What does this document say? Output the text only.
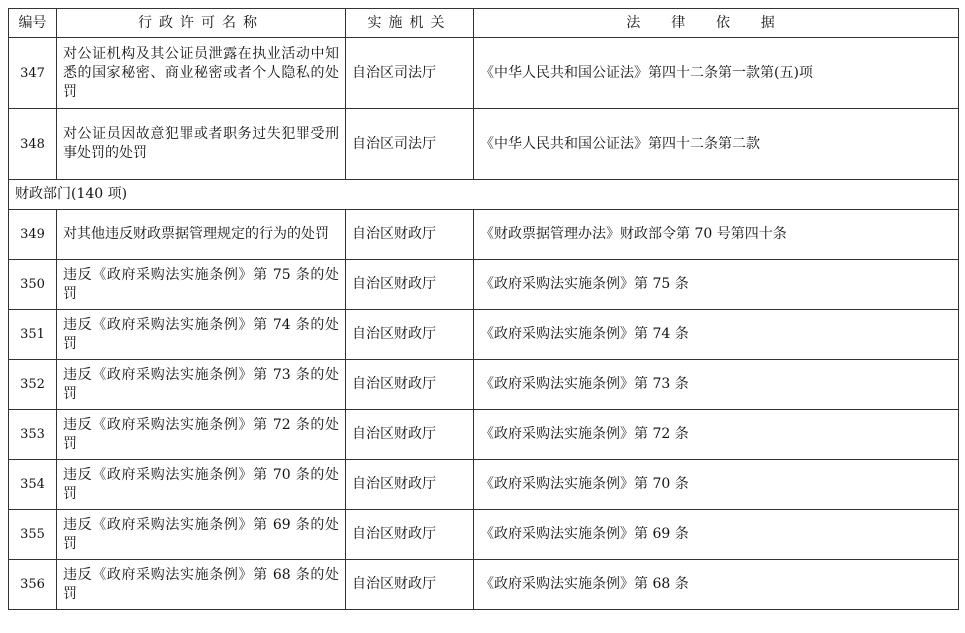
编号	行政许可名称	实施机关	法律依据
347	对公证机构及其公证员泄露在执业活动中知悉的国家秘密、商业秘密或者个人隐私的处罚	自治区司法厅	《中华人民共和国公证法》第四十二条第一款第(五)项
348	对公证员因故意犯罪或者职务过失犯罪受刑事处罚的处罚	自治区司法厅	《中华人民共和国公证法》第四十二条第二款
财政部门(140 项)			
349	对其他违反财政票据管理规定的行为的处罚	自治区财政厅	《财政票据管理办法》财政部令第 70 号第四十条
350	违反《政府采购法实施条例》第 75 条的处罚	自治区财政厅	《政府采购法实施条例》第 75 条
351	违反《政府采购法实施条例》第 74 条的处罚	自治区财政厅	《政府采购法实施条例》第 74 条
352	违反《政府采购法实施条例》第 73 条的处罚	自治区财政厅	《政府采购法实施条例》第 73 条
353	违反《政府采购法实施条例》第 72 条的处罚	自治区财政厅	《政府采购法实施条例》第 72 条
354	违反《政府采购法实施条例》第 70 条的处罚	自治区财政厅	《政府采购法实施条例》第 70 条
355	违反《政府采购法实施条例》第 69 条的处罚	自治区财政厅	《政府采购法实施条例》第 69 条
356	违反《政府采购法实施条例》第 68 条的处罚	自治区财政厅	《政府采购法实施条例》第 68 条
